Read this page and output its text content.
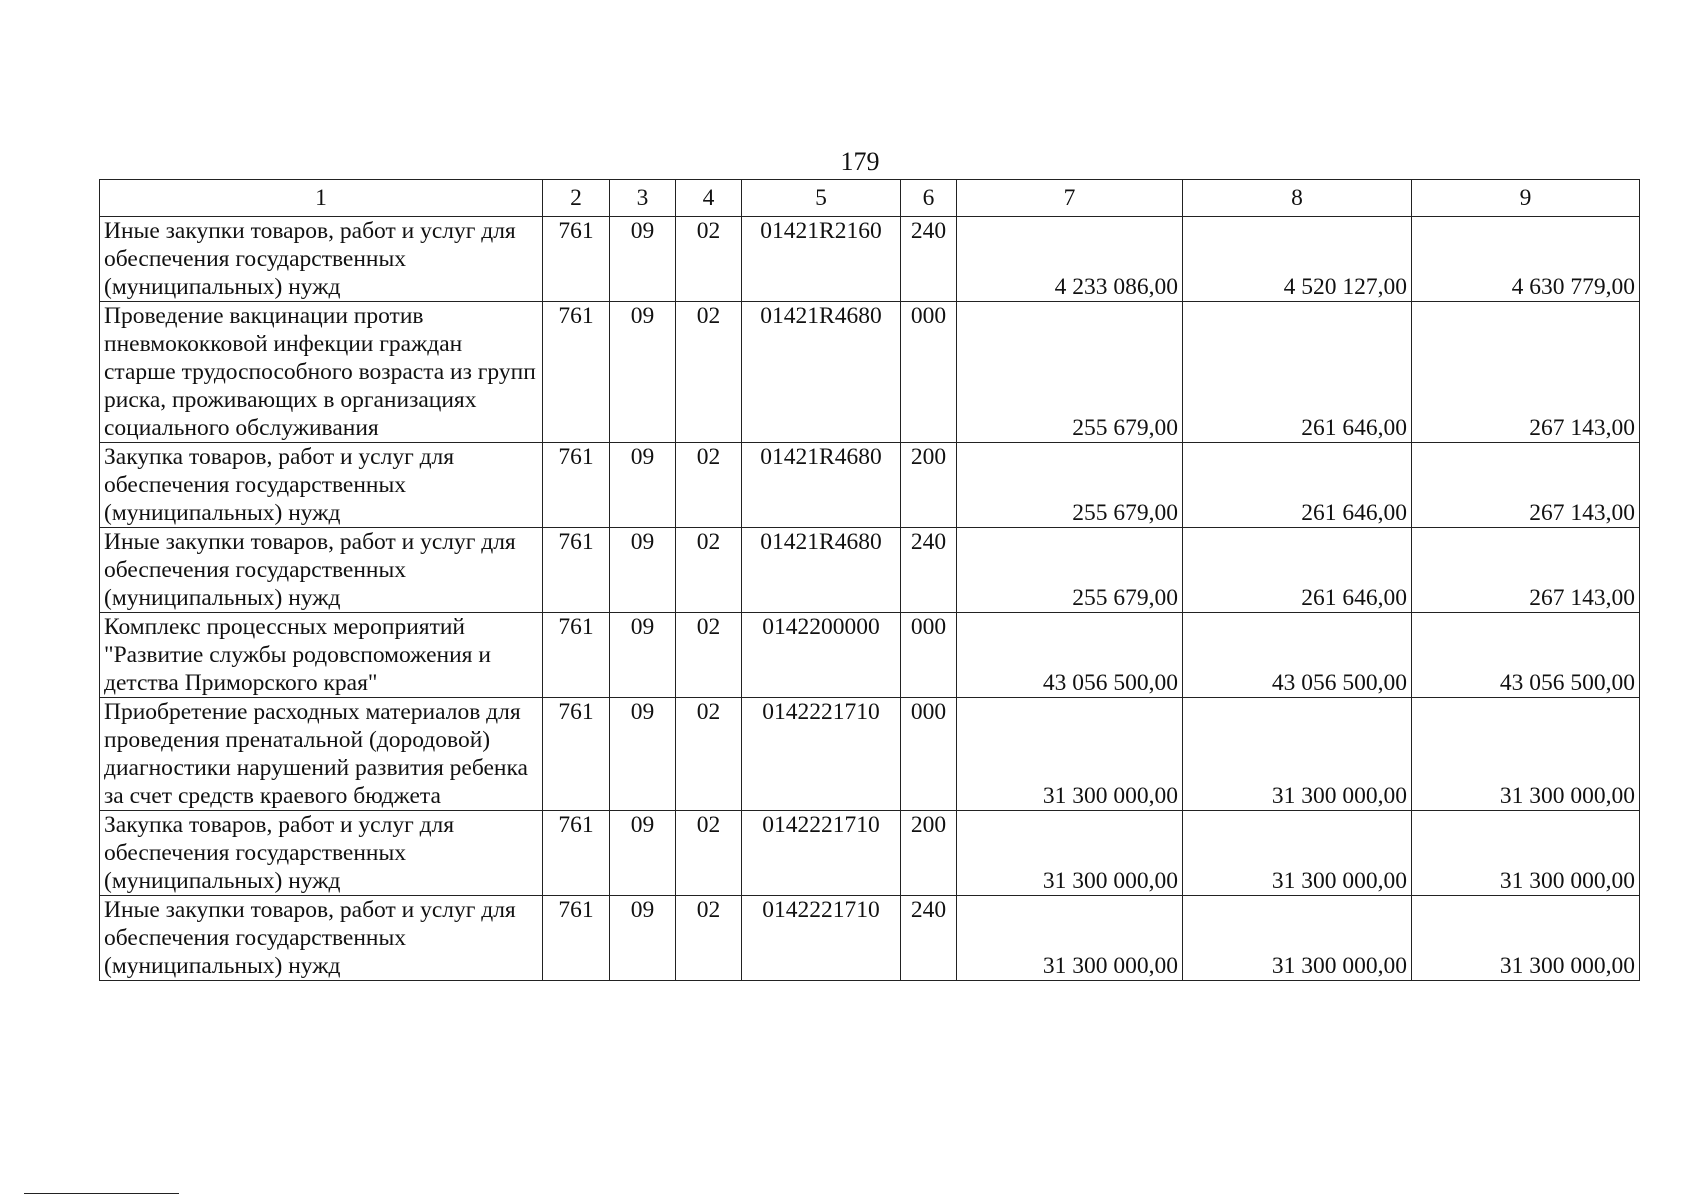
179
1	2	3	4	5	6	7	8	9
Иные закупки товаров, работ и услуг для обеспечения государственных (муниципальных) нужд	761	09	02	01421R2160	240	4 233 086,00	4 520 127,00	4 630 779,00
Проведение вакцинации против пневмококковой инфекции граждан старше трудоспособного возраста из групп риска, проживающих в организациях социального обслуживания	761	09	02	01421R4680	000	255 679,00	261 646,00	267 143,00
Закупка товаров, работ и услуг для обеспечения государственных (муниципальных) нужд	761	09	02	01421R4680	200	255 679,00	261 646,00	267 143,00
Иные закупки товаров, работ и услуг для обеспечения государственных (муниципальных) нужд	761	09	02	01421R4680	240	255 679,00	261 646,00	267 143,00
Комплекс процессных мероприятий "Развитие службы родовспоможения и детства Приморского края"	761	09	02	0142200000	000	43 056 500,00	43 056 500,00	43 056 500,00
Приобретение расходных материалов для проведения пренатальной (дородовой) диагностики нарушений развития ребенка за счет средств краевого бюджета	761	09	02	0142221710	000	31 300 000,00	31 300 000,00	31 300 000,00
Закупка товаров, работ и услуг для обеспечения государственных (муниципальных) нужд	761	09	02	0142221710	200	31 300 000,00	31 300 000,00	31 300 000,00
Иные закупки товаров, работ и услуг для обеспечения государственных (муниципальных) нужд	761	09	02	0142221710	240	31 300 000,00	31 300 000,00	31 300 000,00
